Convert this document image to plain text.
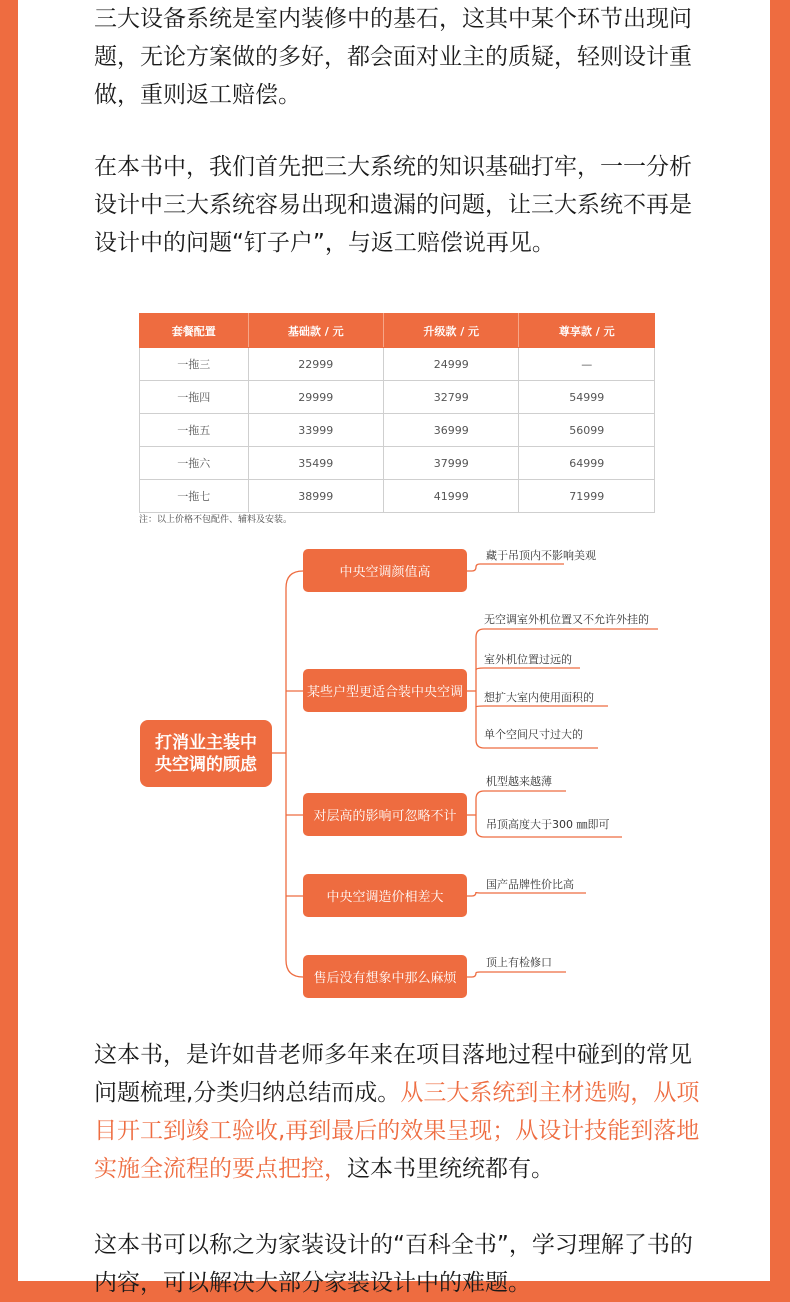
三大设备系统是室内装修中的基石，这其中某个环节出现问题，无论方案做的多好，都会面对业主的质疑，轻则设计重做，重则返工赔偿。

在本书中，我们首先把三大系统的知识基础打牢，一一分析设计中三大系统容易出现和遗漏的问题，让三大系统不再是设计中的问题“钉子户”，与返工赔偿说再见。

套餐配置	基础款 / 元	升级款 / 元	尊享款 / 元
一拖三	22999	24999	—
一拖四	29999	32799	54999
一拖五	33999	36999	56099
一拖六	35499	37999	64999
一拖七	38999	41999	71999
注：以上价格不包配件、辅料及安装。
打消业主装中
央空调的顾虑
中央空调颜值高
某些户型更适合装中央空调
对层高的影响可忽略不计
中央空调造价相差大
售后没有想象中那么麻烦
藏于吊顶内不影响美观
无空调室外机位置又不允许外挂的
室外机位置过远的
想扩大室内使用面积的
单个空间尺寸过大的
机型越来越薄
吊顶高度大于300 ㎜即可
国产品牌性价比高
顶上有检修口

这本书，是许如昔老师多年来在项目落地过程中碰到的常见问题梳理,分类归纳总结而成。从三大系统到主材选购，从项目开工到竣工验收,再到最后的效果呈现；从设计技能到落地实施全流程的要点把控，这本书里统统都有。

这本书可以称之为家装设计的“百科全书”，学习理解了书的内容，可以解决大部分家装设计中的难题。
